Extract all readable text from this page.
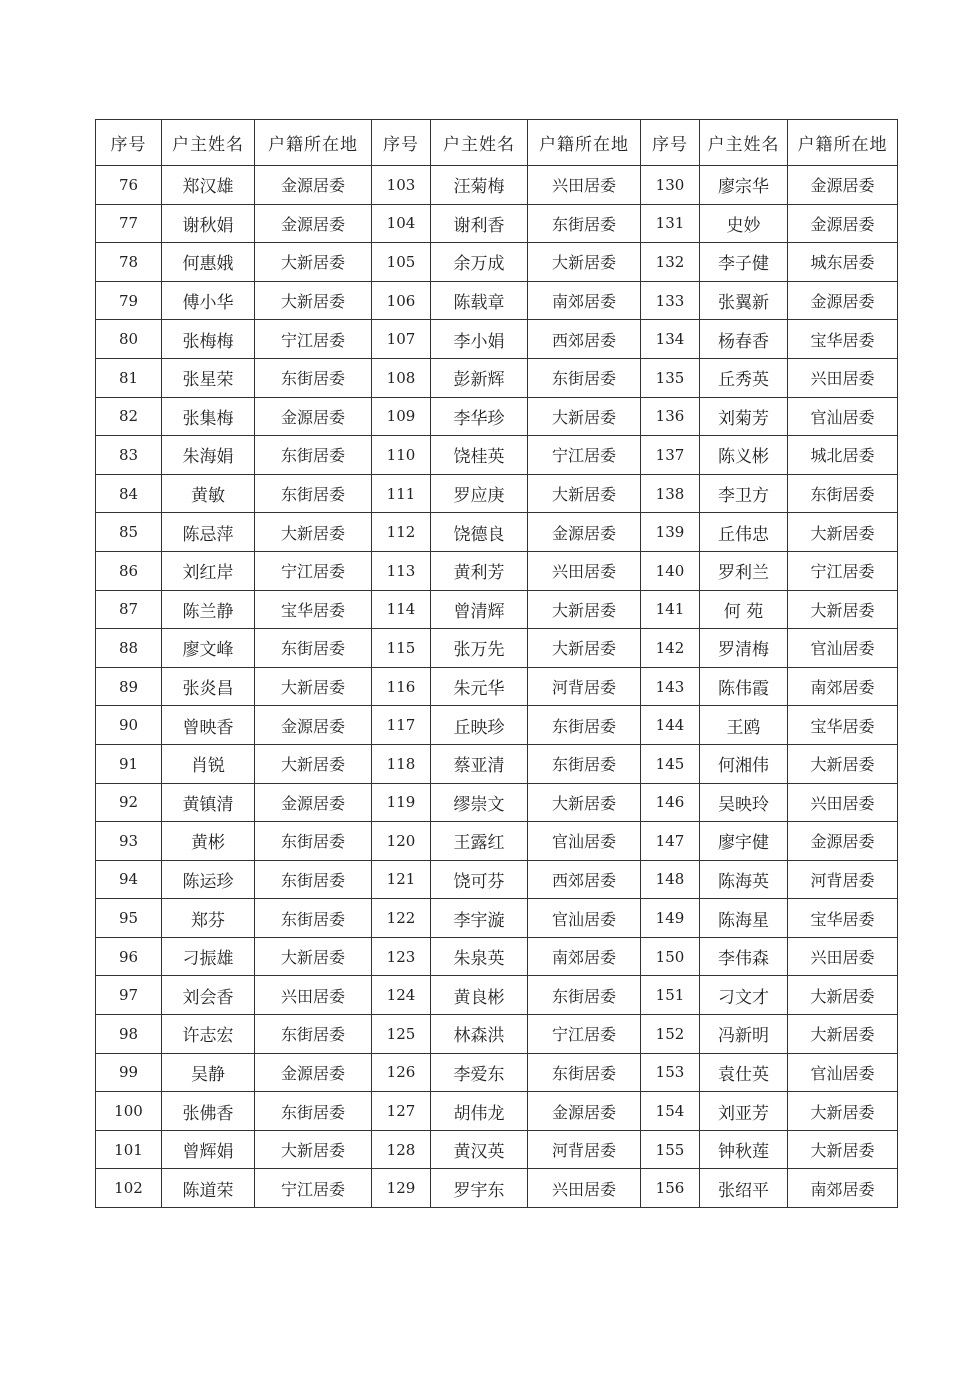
序号	户主姓名	户籍所在地	序号	户主姓名	户籍所在地	序号	户主姓名	户籍所在地
76	郑汉雄	金源居委	103	汪菊梅	兴田居委	130	廖宗华	金源居委
77	谢秋娟	金源居委	104	谢利香	东街居委	131	史妙	金源居委
78	何惠娥	大新居委	105	余万成	大新居委	132	李子健	城东居委
79	傅小华	大新居委	106	陈载章	南郊居委	133	张翼新	金源居委
80	张梅梅	宁江居委	107	李小娟	西郊居委	134	杨春香	宝华居委
81	张星荣	东街居委	108	彭新辉	东街居委	135	丘秀英	兴田居委
82	张集梅	金源居委	109	李华珍	大新居委	136	刘菊芳	官汕居委
83	朱海娟	东街居委	110	饶桂英	宁江居委	137	陈义彬	城北居委
84	黄敏	东街居委	111	罗应庚	大新居委	138	李卫方	东街居委
85	陈忌萍	大新居委	112	饶德良	金源居委	139	丘伟忠	大新居委
86	刘红岸	宁江居委	113	黄利芳	兴田居委	140	罗利兰	宁江居委
87	陈兰静	宝华居委	114	曾清辉	大新居委	141	何 苑	大新居委
88	廖文峰	东街居委	115	张万先	大新居委	142	罗清梅	官汕居委
89	张炎昌	大新居委	116	朱元华	河背居委	143	陈伟霞	南郊居委
90	曾映香	金源居委	117	丘映珍	东街居委	144	王鸥	宝华居委
91	肖锐	大新居委	118	蔡亚清	东街居委	145	何湘伟	大新居委
92	黄镇清	金源居委	119	缪崇文	大新居委	146	吴映玲	兴田居委
93	黄彬	东街居委	120	王露红	官汕居委	147	廖宇健	金源居委
94	陈运珍	东街居委	121	饶可芬	西郊居委	148	陈海英	河背居委
95	郑芬	东街居委	122	李宇漩	官汕居委	149	陈海星	宝华居委
96	刁振雄	大新居委	123	朱泉英	南郊居委	150	李伟森	兴田居委
97	刘会香	兴田居委	124	黄良彬	东街居委	151	刁文才	大新居委
98	许志宏	东街居委	125	林森洪	宁江居委	152	冯新明	大新居委
99	吴静	金源居委	126	李爱东	东街居委	153	袁仕英	官汕居委
100	张佛香	东街居委	127	胡伟龙	金源居委	154	刘亚芳	大新居委
101	曾辉娟	大新居委	128	黄汉英	河背居委	155	钟秋莲	大新居委
102	陈道荣	宁江居委	129	罗宇东	兴田居委	156	张绍平	南郊居委
